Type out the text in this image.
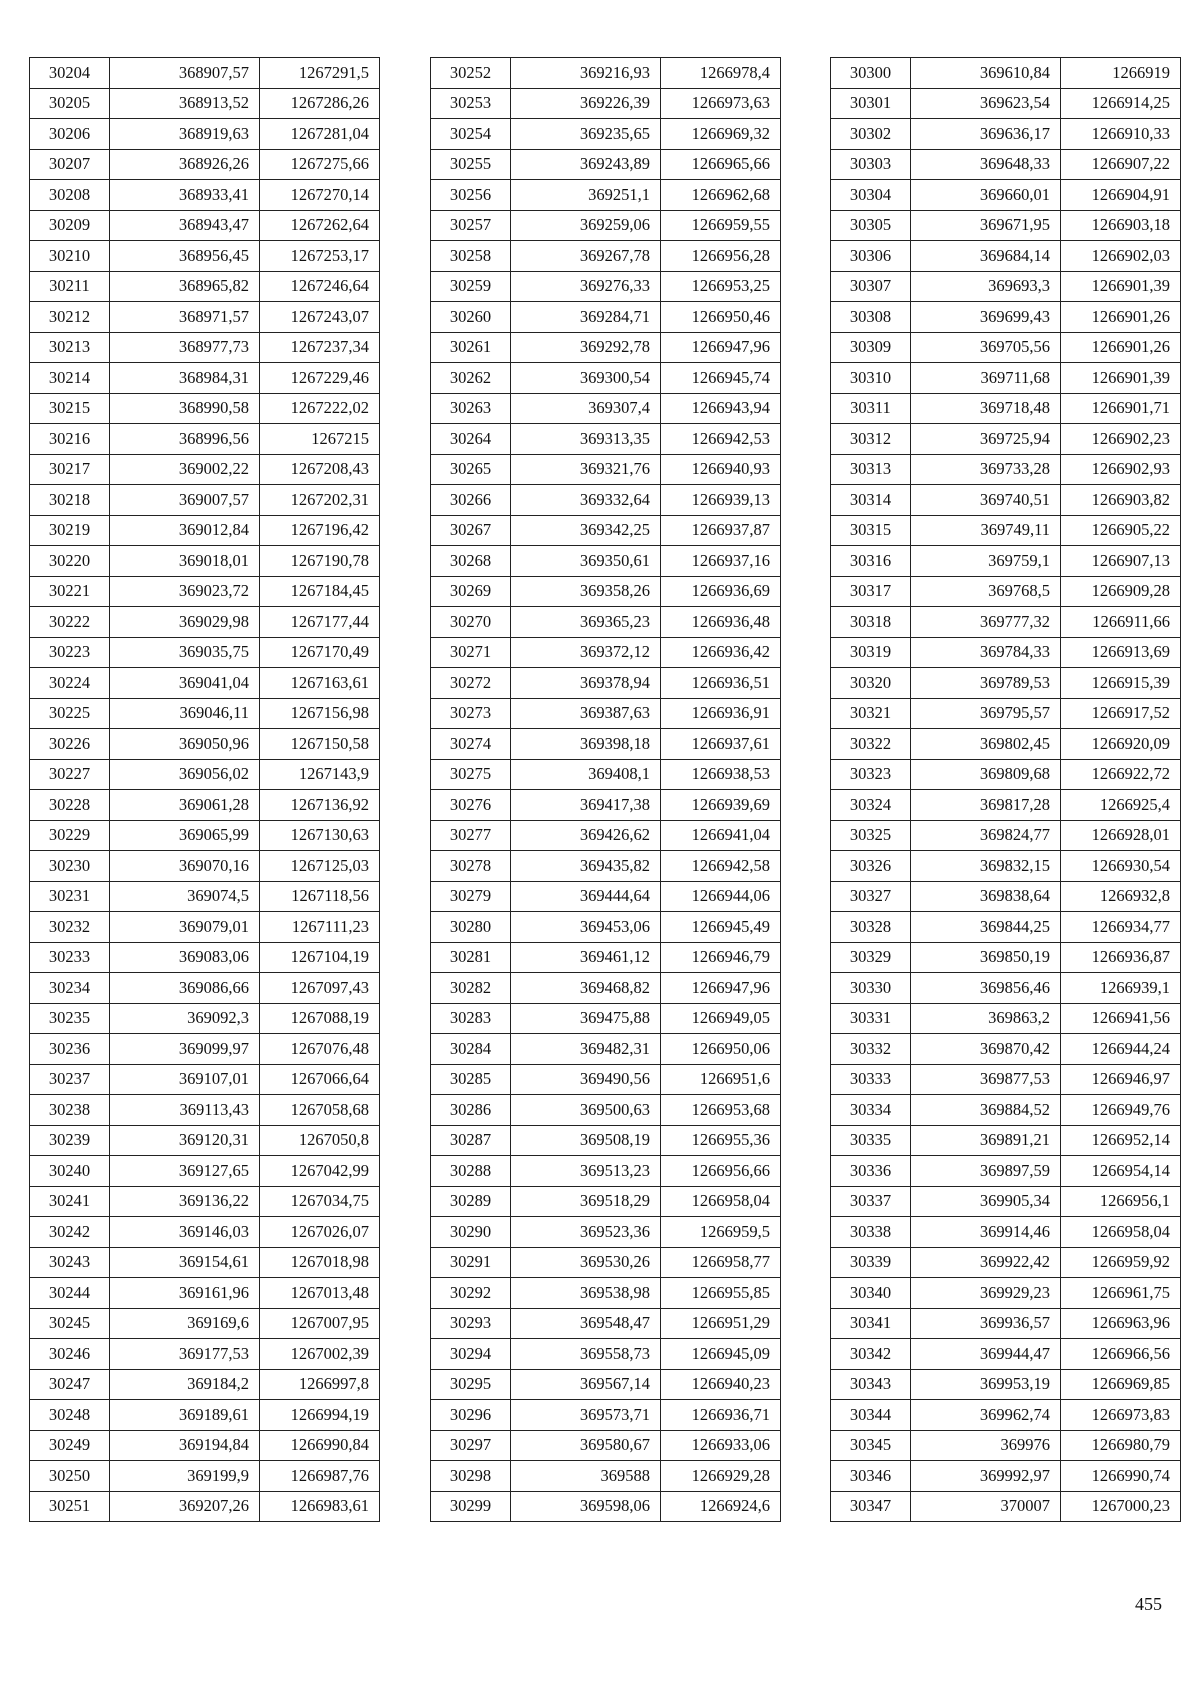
30204	368907,57	1267291,5
30205	368913,52	1267286,26
30206	368919,63	1267281,04
30207	368926,26	1267275,66
30208	368933,41	1267270,14
30209	368943,47	1267262,64
30210	368956,45	1267253,17
30211	368965,82	1267246,64
30212	368971,57	1267243,07
30213	368977,73	1267237,34
30214	368984,31	1267229,46
30215	368990,58	1267222,02
30216	368996,56	1267215
30217	369002,22	1267208,43
30218	369007,57	1267202,31
30219	369012,84	1267196,42
30220	369018,01	1267190,78
30221	369023,72	1267184,45
30222	369029,98	1267177,44
30223	369035,75	1267170,49
30224	369041,04	1267163,61
30225	369046,11	1267156,98
30226	369050,96	1267150,58
30227	369056,02	1267143,9
30228	369061,28	1267136,92
30229	369065,99	1267130,63
30230	369070,16	1267125,03
30231	369074,5	1267118,56
30232	369079,01	1267111,23
30233	369083,06	1267104,19
30234	369086,66	1267097,43
30235	369092,3	1267088,19
30236	369099,97	1267076,48
30237	369107,01	1267066,64
30238	369113,43	1267058,68
30239	369120,31	1267050,8
30240	369127,65	1267042,99
30241	369136,22	1267034,75
30242	369146,03	1267026,07
30243	369154,61	1267018,98
30244	369161,96	1267013,48
30245	369169,6	1267007,95
30246	369177,53	1267002,39
30247	369184,2	1266997,8
30248	369189,61	1266994,19
30249	369194,84	1266990,84
30250	369199,9	1266987,76
30251	369207,26	1266983,61
30252	369216,93	1266978,4
30253	369226,39	1266973,63
30254	369235,65	1266969,32
30255	369243,89	1266965,66
30256	369251,1	1266962,68
30257	369259,06	1266959,55
30258	369267,78	1266956,28
30259	369276,33	1266953,25
30260	369284,71	1266950,46
30261	369292,78	1266947,96
30262	369300,54	1266945,74
30263	369307,4	1266943,94
30264	369313,35	1266942,53
30265	369321,76	1266940,93
30266	369332,64	1266939,13
30267	369342,25	1266937,87
30268	369350,61	1266937,16
30269	369358,26	1266936,69
30270	369365,23	1266936,48
30271	369372,12	1266936,42
30272	369378,94	1266936,51
30273	369387,63	1266936,91
30274	369398,18	1266937,61
30275	369408,1	1266938,53
30276	369417,38	1266939,69
30277	369426,62	1266941,04
30278	369435,82	1266942,58
30279	369444,64	1266944,06
30280	369453,06	1266945,49
30281	369461,12	1266946,79
30282	369468,82	1266947,96
30283	369475,88	1266949,05
30284	369482,31	1266950,06
30285	369490,56	1266951,6
30286	369500,63	1266953,68
30287	369508,19	1266955,36
30288	369513,23	1266956,66
30289	369518,29	1266958,04
30290	369523,36	1266959,5
30291	369530,26	1266958,77
30292	369538,98	1266955,85
30293	369548,47	1266951,29
30294	369558,73	1266945,09
30295	369567,14	1266940,23
30296	369573,71	1266936,71
30297	369580,67	1266933,06
30298	369588	1266929,28
30299	369598,06	1266924,6
30300	369610,84	1266919
30301	369623,54	1266914,25
30302	369636,17	1266910,33
30303	369648,33	1266907,22
30304	369660,01	1266904,91
30305	369671,95	1266903,18
30306	369684,14	1266902,03
30307	369693,3	1266901,39
30308	369699,43	1266901,26
30309	369705,56	1266901,26
30310	369711,68	1266901,39
30311	369718,48	1266901,71
30312	369725,94	1266902,23
30313	369733,28	1266902,93
30314	369740,51	1266903,82
30315	369749,11	1266905,22
30316	369759,1	1266907,13
30317	369768,5	1266909,28
30318	369777,32	1266911,66
30319	369784,33	1266913,69
30320	369789,53	1266915,39
30321	369795,57	1266917,52
30322	369802,45	1266920,09
30323	369809,68	1266922,72
30324	369817,28	1266925,4
30325	369824,77	1266928,01
30326	369832,15	1266930,54
30327	369838,64	1266932,8
30328	369844,25	1266934,77
30329	369850,19	1266936,87
30330	369856,46	1266939,1
30331	369863,2	1266941,56
30332	369870,42	1266944,24
30333	369877,53	1266946,97
30334	369884,52	1266949,76
30335	369891,21	1266952,14
30336	369897,59	1266954,14
30337	369905,34	1266956,1
30338	369914,46	1266958,04
30339	369922,42	1266959,92
30340	369929,23	1266961,75
30341	369936,57	1266963,96
30342	369944,47	1266966,56
30343	369953,19	1266969,85
30344	369962,74	1266973,83
30345	369976	1266980,79
30346	369992,97	1266990,74
30347	370007	1267000,23
455
